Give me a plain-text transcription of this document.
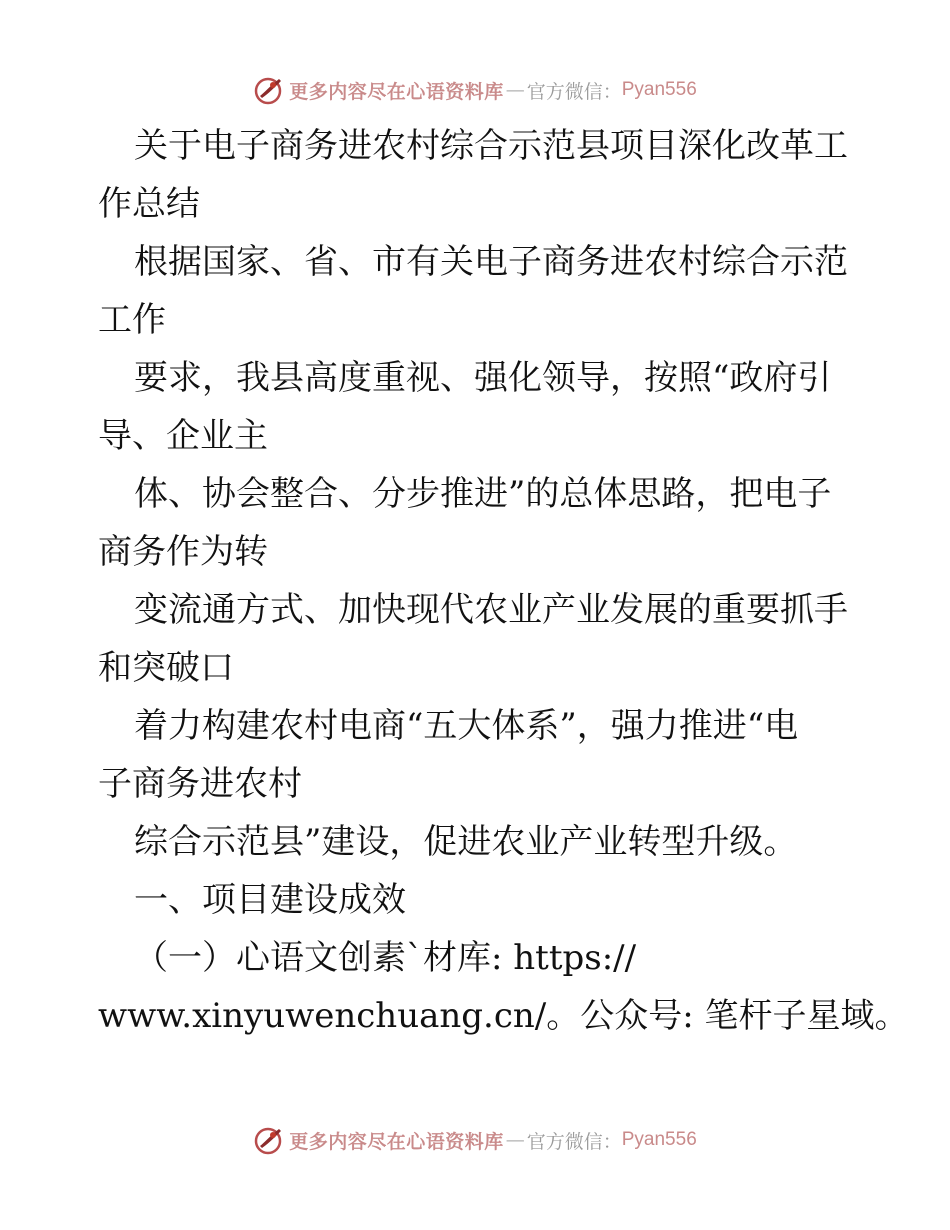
更多内容尽在心语资料库 — 官方微信： Pyan556
关于电子商务进农村综合示范县项目深化改革工
作总结
根据国家、省、市有关电子商务进农村综合示范
工作
要求，我县高度重视、强化领导，按照“政府引
导、企业主
体、协会整合、分步推进”的总体思路，把电子
商务作为转
变流通方式、加快现代农业产业发展的重要抓手
和突破口
着力构建农村电商“五大体系”，强力推进“电
子商务进农村
综合示范县”建设，促进农业产业转型升级。
一、项目建设成效
（一）心语文创素`材库: https://
www.xinyuwenchuang.cn/。公众号: 笔杆子星域。
更多内容尽在心语资料库 — 官方微信： Pyan556
